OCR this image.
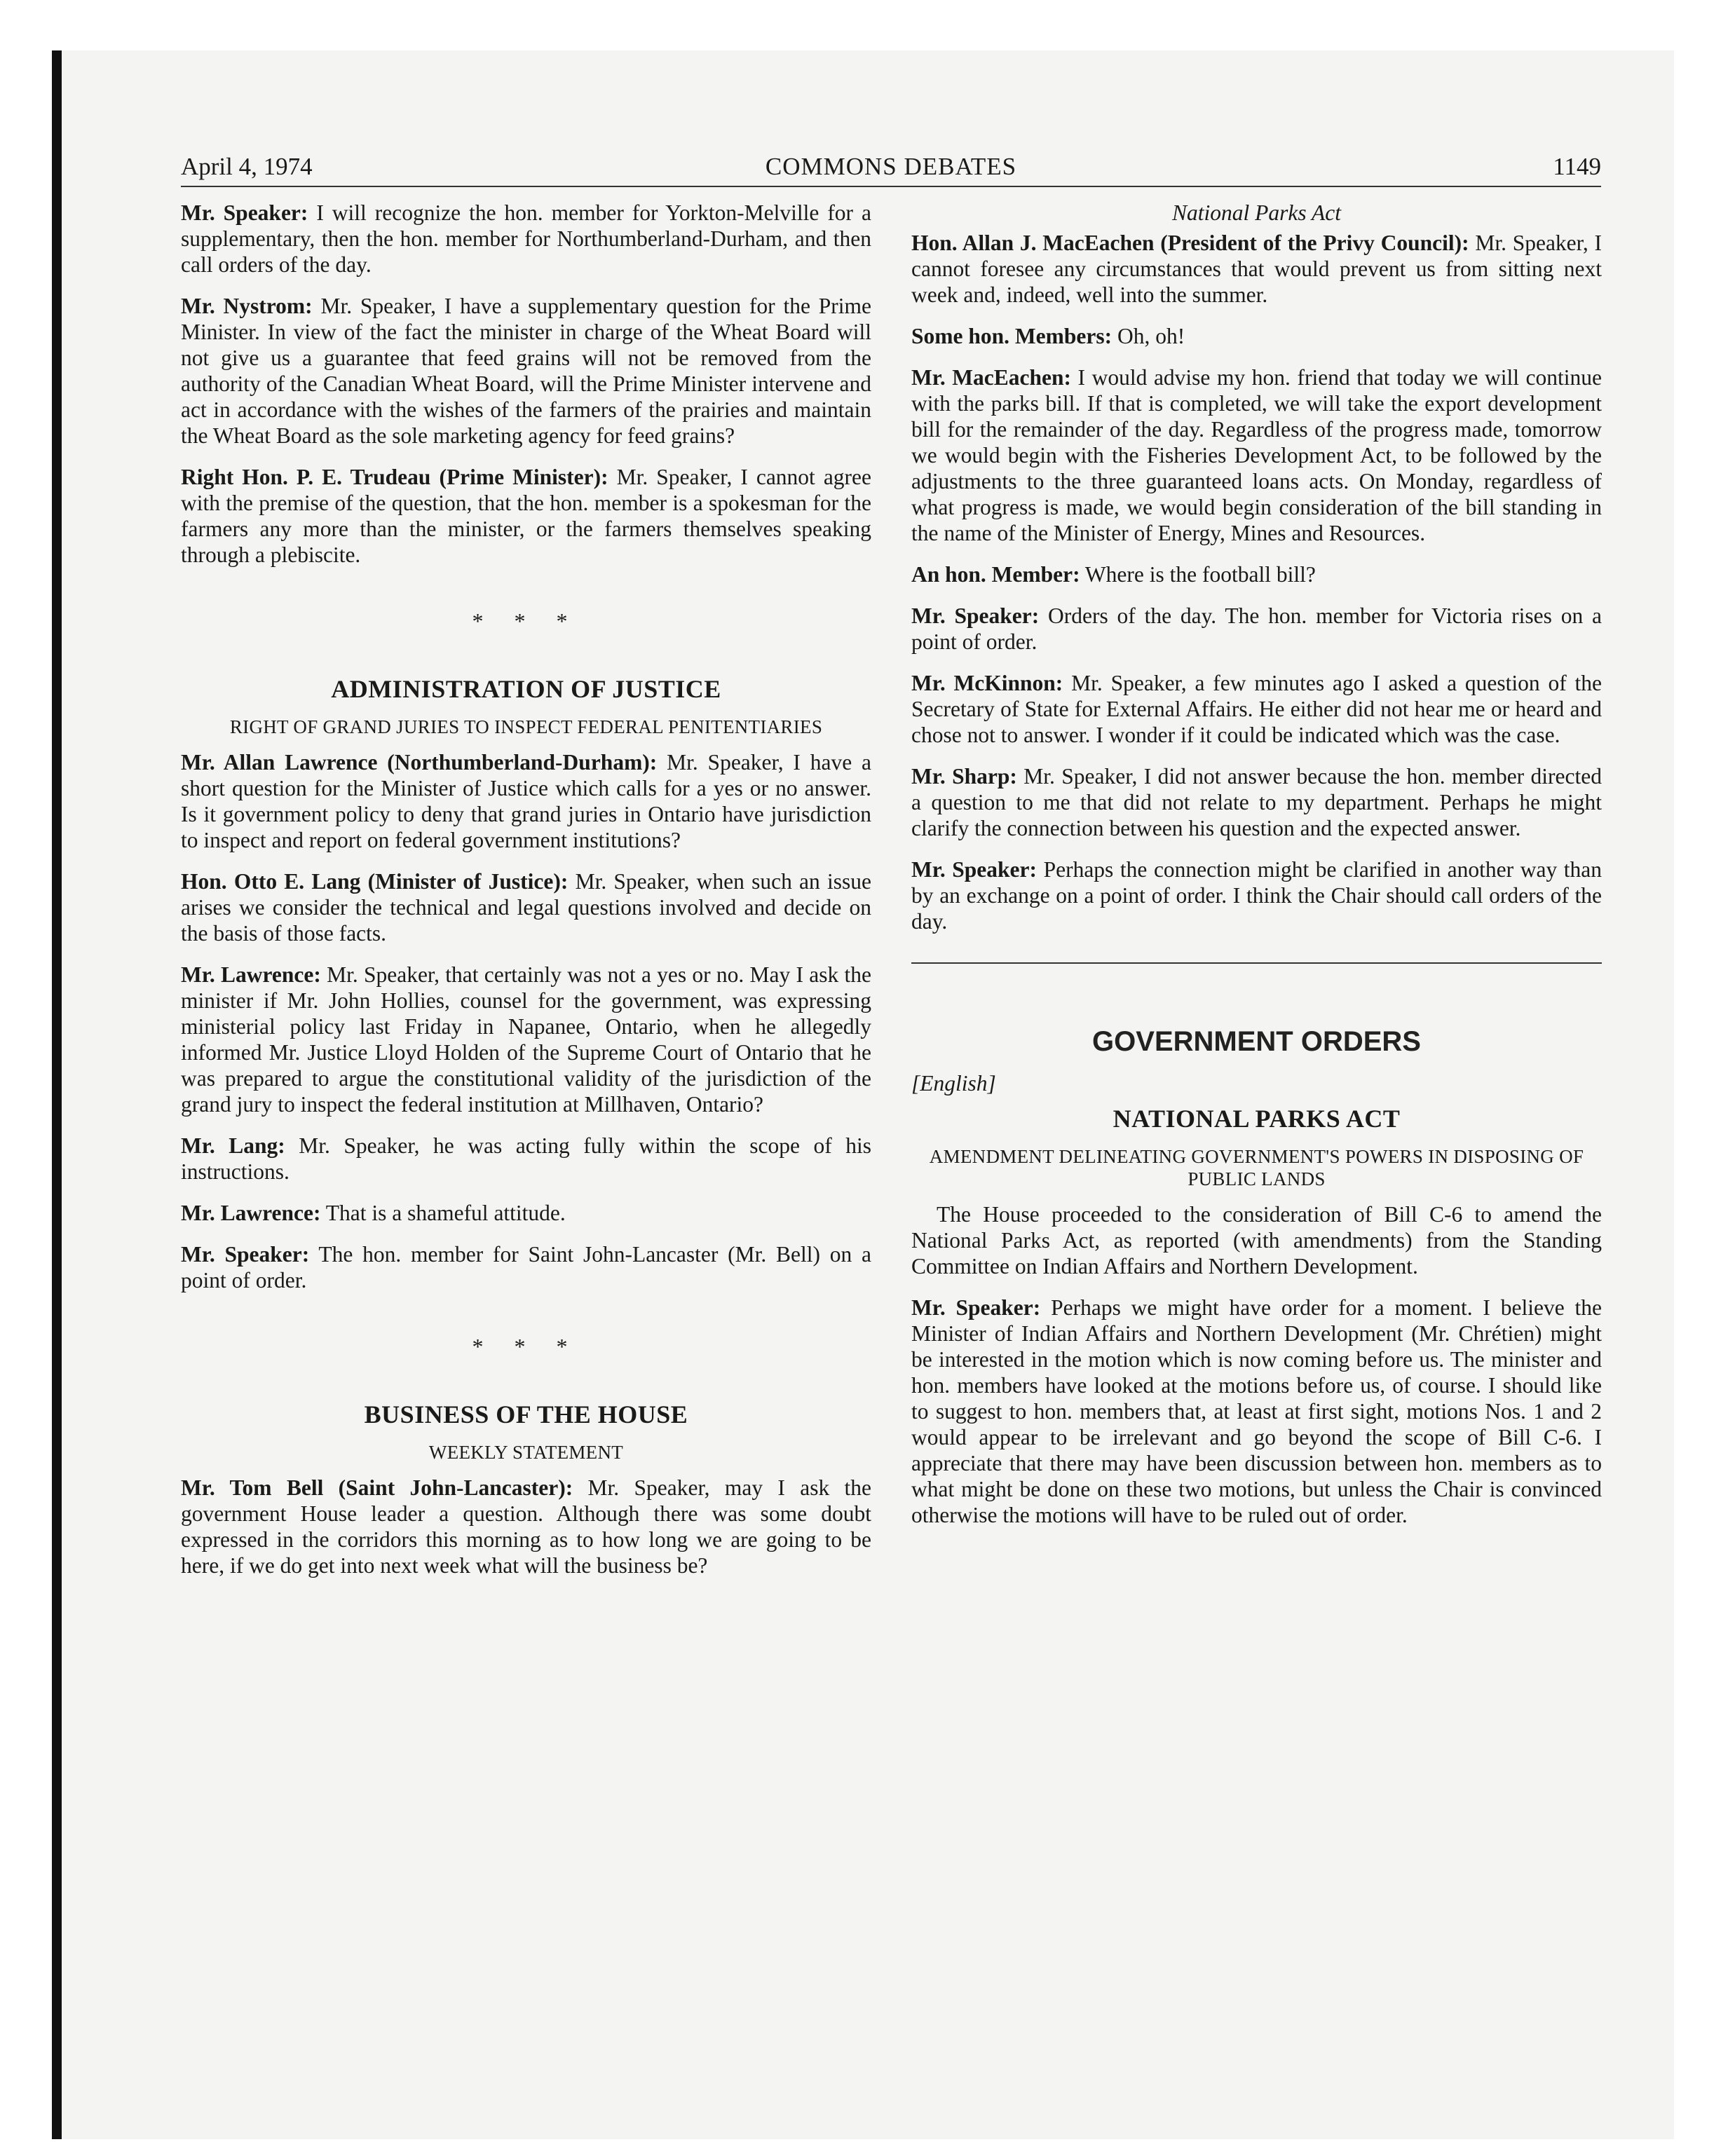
April 4, 1974	COMMONS DEBATES	1149

Mr. Speaker: I will recognize the hon. member for Yorkton-Melville for a supplementary, then the hon. member for Northumberland-Durham, and then call orders of the day.

Mr. Nystrom: Mr. Speaker, I have a supplementary question for the Prime Minister. In view of the fact the minister in charge of the Wheat Board will not give us a guarantee that feed grains will not be removed from the authority of the Canadian Wheat Board, will the Prime Minister intervene and act in accordance with the wishes of the farmers of the prairies and maintain the Wheat Board as the sole marketing agency for feed grains?

Right Hon. P. E. Trudeau (Prime Minister): Mr. Speaker, I cannot agree with the premise of the question, that the hon. member is a spokesman for the farmers any more than the minister, or the farmers themselves speaking through a plebiscite.

* * *
ADMINISTRATION OF JUSTICE
RIGHT OF GRAND JURIES TO INSPECT FEDERAL PENITENTIARIES

Mr. Allan Lawrence (Northumberland-Durham): Mr. Speaker, I have a short question for the Minister of Justice which calls for a yes or no answer. Is it government policy to deny that grand juries in Ontario have jurisdiction to inspect and report on federal government institutions?

Hon. Otto E. Lang (Minister of Justice): Mr. Speaker, when such an issue arises we consider the technical and legal questions involved and decide on the basis of those facts.

Mr. Lawrence: Mr. Speaker, that certainly was not a yes or no. May I ask the minister if Mr. John Hollies, counsel for the government, was expressing ministerial policy last Friday in Napanee, Ontario, when he allegedly informed Mr. Justice Lloyd Holden of the Supreme Court of Ontario that he was prepared to argue the constitutional validity of the jurisdiction of the grand jury to inspect the federal institution at Millhaven, Ontario?

Mr. Lang: Mr. Speaker, he was acting fully within the scope of his instructions.

Mr. Lawrence: That is a shameful attitude.

Mr. Speaker: The hon. member for Saint John-Lancaster (Mr. Bell) on a point of order.

* * *
BUSINESS OF THE HOUSE
WEEKLY STATEMENT

Mr. Tom Bell (Saint John-Lancaster): Mr. Speaker, may I ask the government House leader a question. Although there was some doubt expressed in the corridors this morning as to how long we are going to be here, if we do get into next week what will the business be?

National Parks Act

Hon. Allan J. MacEachen (President of the Privy Council): Mr. Speaker, I cannot foresee any circumstances that would prevent us from sitting next week and, indeed, well into the summer.

Some hon. Members: Oh, oh!

Mr. MacEachen: I would advise my hon. friend that today we will continue with the parks bill. If that is completed, we will take the export development bill for the remainder of the day. Regardless of the progress made, tomorrow we would begin with the Fisheries Development Act, to be followed by the adjustments to the three guaranteed loans acts. On Monday, regardless of what progress is made, we would begin consideration of the bill standing in the name of the Minister of Energy, Mines and Resources.

An hon. Member: Where is the football bill?

Mr. Speaker: Orders of the day. The hon. member for Victoria rises on a point of order.

Mr. McKinnon: Mr. Speaker, a few minutes ago I asked a question of the Secretary of State for External Affairs. He either did not hear me or heard and chose not to answer. I wonder if it could be indicated which was the case.

Mr. Sharp: Mr. Speaker, I did not answer because the hon. member directed a question to me that did not relate to my department. Perhaps he might clarify the connection between his question and the expected answer.

Mr. Speaker: Perhaps the connection might be clarified in another way than by an exchange on a point of order. I think the Chair should call orders of the day.

GOVERNMENT ORDERS
[English]
NATIONAL PARKS ACT
AMENDMENT DELINEATING GOVERNMENT'S POWERS IN DISPOSING OF PUBLIC LANDS

The House proceeded to the consideration of Bill C-6 to amend the National Parks Act, as reported (with amendments) from the Standing Committee on Indian Affairs and Northern Development.

Mr. Speaker: Perhaps we might have order for a moment. I believe the Minister of Indian Affairs and Northern Development (Mr. Chrétien) might be interested in the motion which is now coming before us. The minister and hon. members have looked at the motions before us, of course. I should like to suggest to hon. members that, at least at first sight, motions Nos. 1 and 2 would appear to be irrelevant and go beyond the scope of Bill C-6. I appreciate that there may have been discussion between hon. members as to what might be done on these two motions, but unless the Chair is convinced otherwise the motions will have to be ruled out of order.
